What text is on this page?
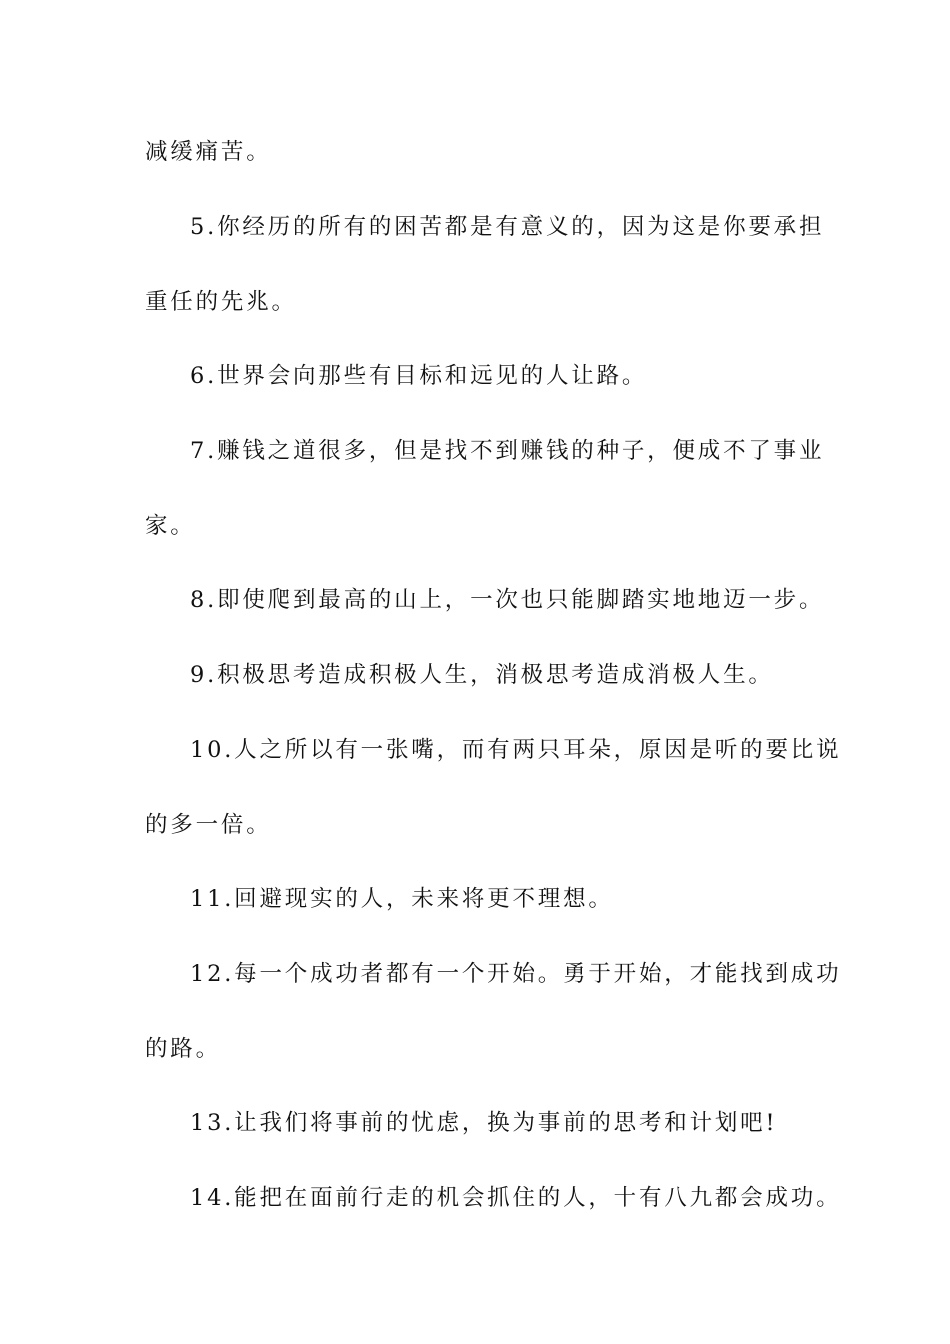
减缓痛苦。
5.你经历的所有的困苦都是有意义的，因为这是你要承担
重任的先兆。
6.世界会向那些有目标和远见的人让路。
7.赚钱之道很多，但是找不到赚钱的种子，便成不了事业
家。
8.即使爬到最高的山上，一次也只能脚踏实地地迈一步。
9.积极思考造成积极人生，消极思考造成消极人生。
10.人之所以有一张嘴，而有两只耳朵，原因是听的要比说
的多一倍。
11.回避现实的人，未来将更不理想。
12.每一个成功者都有一个开始。勇于开始，才能找到成功
的路。
13.让我们将事前的忧虑，换为事前的思考和计划吧!
14.能把在面前行走的机会抓住的人，十有八九都会成功。
